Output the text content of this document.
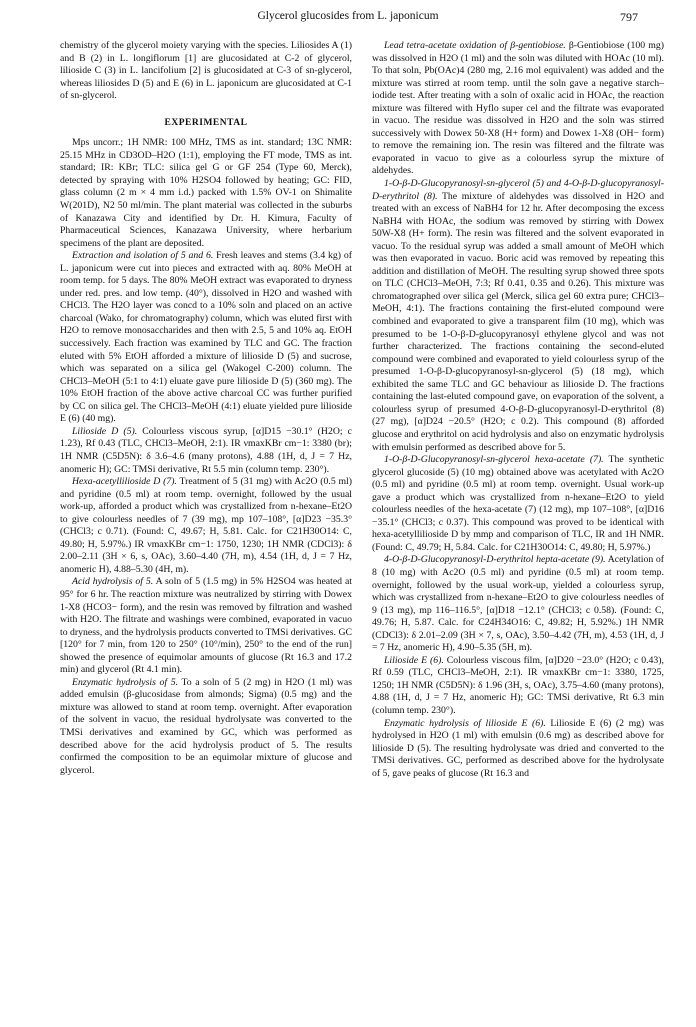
Glycerol glucosides from L. japonicum	797

chemistry of the glycerol moiety varying with the species. Liliosides A (1) and B (2) in L. longiflorum [1] are glucosidated at C-2 of glycerol, lilioside C (3) in L. lancifolium [2] is glucosidated at C-3 of sn-glycerol, whereas liliosides D (5) and E (6) in L. japonicum are glucosidated at C-1 of sn-glycerol.

EXPERIMENTAL

Mps uncorr.; 1H NMR: 100 MHz, TMS as int. standard; 13C NMR: 25.15 MHz in CD3OD–H2O (1:1), employing the FT mode, TMS as int. standard; IR: KBr; TLC: silica gel G or GF 254 (Type 60, Merck), detected by spraying with 10% H2SO4 followed by heating; GC: FID, glass column (2 m × 4 mm i.d.) packed with 1.5% OV-1 on Shimalite W(201D), N2 50 ml/min. The plant material was collected in the suburbs of Kanazawa City and identified by Dr. H. Kimura, Faculty of Pharmaceutical Sciences, Kanazawa University, where herbarium specimens of the plant are deposited.

Extraction and isolation of 5 and 6. Fresh leaves and stems (3.4 kg) of L. japonicum were cut into pieces and extracted with aq. 80% MeOH at room temp. for 5 days. The 80% MeOH extract was evaporated to dryness under red. pres. and low temp. (40°), dissolved in H2O and washed with CHCl3. The H2O layer was concd to a 10% soln and placed on an active charcoal (Wako, for chromatography) column, which was eluted first with H2O to remove monosaccharides and then with 2.5, 5 and 10% aq. EtOH successively. Each fraction was examined by TLC and GC. The fraction eluted with 5% EtOH afforded a mixture of lilioside D (5) and sucrose, which was separated on a silica gel (Wakogel C-200) column. The CHCl3–MeOH (5:1 to 4:1) eluate gave pure lilioside D (5) (360 mg). The 10% EtOH fraction of the above active charcoal CC was further purified by CC on silica gel. The CHCl3–MeOH (4:1) eluate yielded pure lilioside E (6) (40 mg).

Lilioside D (5). Colourless viscous syrup, [α]D15 −30.1° (H2O; c 1.23), Rf 0.43 (TLC, CHCl3–MeOH, 2:1). IR νmaxKBr cm−1: 3380 (br); 1H NMR (C5D5N): δ 3.6–4.6 (many protons), 4.88 (1H, d, J = 7 Hz, anomeric H); GC: TMSi derivative, Rt 5.5 min (column temp. 230°).

Hexa-acetyllilioside D (7). Treatment of 5 (31 mg) with Ac2O (0.5 ml) and pyridine (0.5 ml) at room temp. overnight, followed by the usual work-up, afforded a product which was crystallized from n-hexane–Et2O to give colourless needles of 7 (39 mg), mp 107–108°, [α]D23 −35.3° (CHCl3; c 0.71). (Found: C, 49.67; H, 5.81. Calc. for C21H30O14: C, 49.80; H, 5.97%.) IR νmaxKBr cm−1: 1750, 1230; 1H NMR (CDCl3): δ 2.00–2.11 (3H × 6, s, OAc), 3.60–4.40 (7H, m), 4.54 (1H, d, J = 7 Hz, anomeric H), 4.88–5.30 (4H, m).

Acid hydrolysis of 5. A soln of 5 (1.5 mg) in 5% H2SO4 was heated at 95° for 6 hr. The reaction mixture was neutralized by stirring with Dowex 1-X8 (HCO3− form), and the resin was removed by filtration and washed with H2O. The filtrate and washings were combined, evaporated in vacuo to dryness, and the hydrolysis products converted to TMSi derivatives. GC [120° for 7 min, from 120 to 250° (10°/min), 250° to the end of the run] showed the presence of equimolar amounts of glucose (Rt 16.3 and 17.2 min) and glycerol (Rt 4.1 min).

Enzymatic hydrolysis of 5. To a soln of 5 (2 mg) in H2O (1 ml) was added emulsin (β-glucosidase from almonds; Sigma) (0.5 mg) and the mixture was allowed to stand at room temp. overnight. After evaporation of the solvent in vacuo, the residual hydrolysate was converted to the TMSi derivatives and examined by GC, which was performed as described above for the acid hydrolysis product of 5. The results confirmed the composition to be an equimolar mixture of glucose and glycerol.

Lead tetra-acetate oxidation of β-gentiobiose. β-Gentiobiose (100 mg) was dissolved in H2O (1 ml) and the soln was diluted with HOAc (10 ml). To that soln, Pb(OAc)4 (280 mg, 2.16 mol equivalent) was added and the mixture was stirred at room temp. until the soln gave a negative starch–iodide test. After treating with a soln of oxalic acid in HOAc, the reaction mixture was filtered with Hyflo super cel and the filtrate was evaporated in vacuo. The residue was dissolved in H2O and the soln was stirred successively with Dowex 50-X8 (H+ form) and Dowex 1-X8 (OH− form) to remove the remaining ion. The resin was filtered and the filtrate was evaporated in vacuo to give as a colourless syrup the mixture of aldehydes.

1-O-β-D-Glucopyranosyl-sn-glycerol (5) and 4-O-β-D-glucopyranosyl-D-erythritol (8). The mixture of aldehydes was dissolved in H2O and treated with an excess of NaBH4 for 12 hr. After decomposing the excess NaBH4 with HOAc, the sodium was removed by stirring with Dowex 50W-X8 (H+ form). The resin was filtered and the solvent evaporated in vacuo. To the residual syrup was added a small amount of MeOH which was then evaporated in vacuo. Boric acid was removed by repeating this addition and distillation of MeOH. The resulting syrup showed three spots on TLC (CHCl3–MeOH, 7:3; Rf 0.41, 0.35 and 0.26). This mixture was chromatographed over silica gel (Merck, silica gel 60 extra pure; CHCl3–MeOH, 4:1). The fractions containing the first-eluted compound were combined and evaporated to give a transparent film (10 mg), which was presumed to be 1-O-β-D-glucopyranosyl ethylene glycol and was not further characterized. The fractions containing the second-eluted compound were combined and evaporated to yield colourless syrup of the presumed 1-O-β-D-glucopyranosyl-sn-glycerol (5) (18 mg), which exhibited the same TLC and GC behaviour as lilioside D. The fractions containing the last-eluted compound gave, on evaporation of the solvent, a colourless syrup of presumed 4-O-β-D-glucopyranosyl-D-erythritol (8) (27 mg), [α]D24 −20.5° (H2O; c 0.2). This compound (8) afforded glucose and erythritol on acid hydrolysis and also on enzymatic hydrolysis with emulsin performed as described above for 5.

1-O-β-D-Glucopyranosyl-sn-glycerol hexa-acetate (7). The synthetic glycerol glucoside (5) (10 mg) obtained above was acetylated with Ac2O (0.5 ml) and pyridine (0.5 ml) at room temp. overnight. Usual work-up gave a product which was crystallized from n-hexane–Et2O to yield colourless needles of the hexa-acetate (7) (12 mg), mp 107–108°, [α]D16 −35.1° (CHCl3; c 0.37). This compound was proved to be identical with hexa-acetyllilioside D by mmp and comparison of TLC, IR and 1H NMR. (Found: C, 49.79; H, 5.84. Calc. for C21H30O14: C, 49.80; H, 5.97%.)

4-O-β-D-Glucopyranosyl-D-erythritol hepta-acetate (9). Acetylation of 8 (10 mg) with Ac2O (0.5 ml) and pyridine (0.5 ml) at room temp. overnight, followed by the usual work-up, yielded a colourless syrup, which was crystallized from n-hexane–Et2O to give colourless needles of 9 (13 mg), mp 116–116.5°, [α]D18 −12.1° (CHCl3; c 0.58). (Found: C, 49.76; H, 5.87. Calc. for C24H34O16: C, 49.82; H, 5.92%.) 1H NMR (CDCl3): δ 2.01–2.09 (3H × 7, s, OAc), 3.50–4.42 (7H, m), 4.53 (1H, d, J = 7 Hz, anomeric H), 4.90–5.35 (5H, m).

Lilioside E (6). Colourless viscous film, [α]D20 −23.0° (H2O; c 0.43), Rf 0.59 (TLC, CHCl3–MeOH, 2:1). IR νmaxKBr cm−1: 3380, 1725, 1250; 1H NMR (C5D5N): δ 1.96 (3H, s, OAc), 3.75–4.60 (many protons), 4.88 (1H, d, J = 7 Hz, anomeric H); GC: TMSi derivative, Rt 6.3 min (column temp. 230°).

Enzymatic hydrolysis of lilioside E (6). Lilioside E (6) (2 mg) was hydrolysed in H2O (1 ml) with emulsin (0.6 mg) as described above for lilioside D (5). The resulting hydrolysate was dried and converted to the TMSi derivatives. GC, performed as described above for the hydrolysate of 5, gave peaks of glucose (Rt 16.3 and
